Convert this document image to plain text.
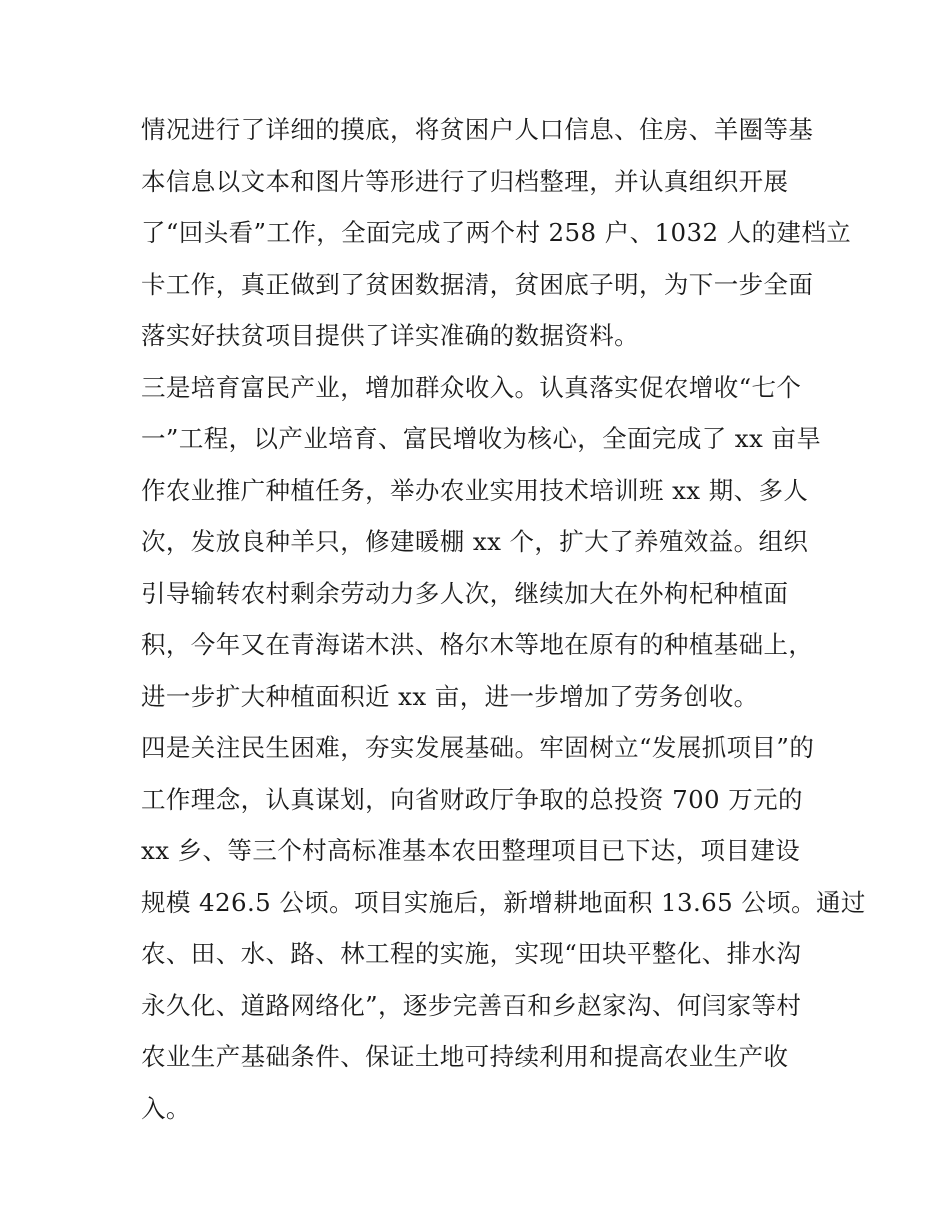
情况进行了详细的摸底，将贫困户人口信息、住房、羊圈等基
本信息以文本和图片等形进行了归档整理，并认真组织开展
了“回头看”工作，全面完成了两个村 258 户、1032 人的建档立
卡工作，真正做到了贫困数据清，贫困底子明，为下一步全面
落实好扶贫项目提供了详实准确的数据资料。
三是培育富民产业，增加群众收入。认真落实促农增收“七个
一”工程，以产业培育、富民增收为核心，全面完成了 xx 亩旱
作农业推广种植任务，举办农业实用技术培训班 xx 期、多人
次，发放良种羊只，修建暖棚 xx 个，扩大了养殖效益。组织
引导输转农村剩余劳动力多人次，继续加大在外枸杞种植面
积，今年又在青海诺木洪、格尔木等地在原有的种植基础上，
进一步扩大种植面积近 xx 亩，进一步增加了劳务创收。
四是关注民生困难，夯实发展基础。牢固树立“发展抓项目”的
工作理念，认真谋划，向省财政厅争取的总投资 700 万元的
xx 乡、等三个村高标准基本农田整理项目已下达，项目建设
规模 426.5 公顷。项目实施后，新增耕地面积 13.65 公顷。通过
农、田、水、路、林工程的实施，实现“田块平整化、排水沟
永久化、道路网络化”，逐步完善百和乡赵家沟、何闫家等村
农业生产基础条件、保证土地可持续利用和提高农业生产收
入。
